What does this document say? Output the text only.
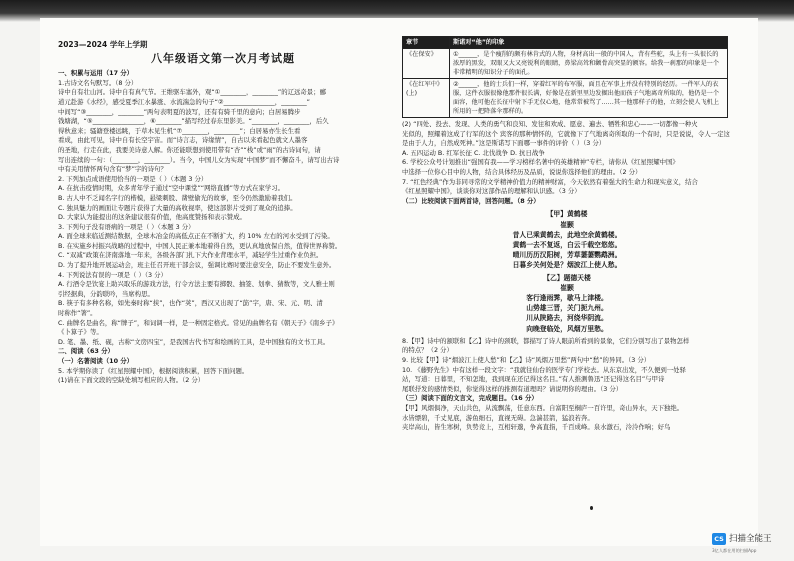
2023—2024 学年上学期
八年级语文第一次月考试题
一、积累与运用（17 分）
1.古诗文名句默写。（8 分）
诗中自有壮山河。诗中自有真气节。王维驱车塞外，观“①________，________”的辽远奇景；郦
道元赴游《水经》，感受夏季江水暴涨、水流湍急的句子“②________________，________”
中间写“③________，________”两句表明夏的波写，还有有骑千里的意向；白居易腾步
钱塘湖，“⑤________________，⑥________”描写经过春东里影美。“________，________，后久
得秋意来；骚籍登楼远眺，于草木见生机“⑦________，________”；白居易亦生长生看
看成，由此可见，诗中自有长空宇宙。而“诗言志，诗缘情”，自古以来看起色就文人墨客
的圣地，行走在此，我要美诗意人解。你还能联想到使用带有“杏”“栈”或“雨”的古诗词句，请
写出连续的一句：（________，________）。当今，中国儿女为实现“中国梦”而不懈奋斗，请写出古诗
中有关用情怀两句含有“梦”字的诗句？
2. 下列加点成语使用恰当的一项是（ ）（本题 3 分）
A. 在抗击疫情时期，众多青年学子通过“空中课堂”“网络直播”等方式在家学习。
B. 古人中不乏闻名字行的楷模，悬梁刺股、凿壁偷光的故事，至今仍然激励着我们。
C. 独具魅力的画面让专题片获得了大量的高收视率，使这部影片受到了观众的追捧。
D. 大家认为能提出的这条建议很有价值，他高度赞扬和表示赞成。
3. 下列句子没有语病的一项是（ ）（本题 3 分）
A. 面全球来临近测结数据，全球木冶金的高低点正在不断扩大，约 10% 左右的河水受到了污染。
B. 在实施乡村振兴战略的过程中，中国人民正兼本地着得自然，更认真地放保自然，值得世界称赞。
C. “双减”政策在济南落地一年来，各级各部门扎下大作业背理水平，减轻学生过重作业负担。
D. 为了提升地开展运动会，班主任召开班干部会议，强调比赛时要注意安全，防止不要发生意外。
4. 下列说法有误的一项是（ ）（3 分）
A. 行酒令是饮宴上助兴取乐的游戏方法，行令方法主要有掷骰、抽签、划拳、猜数等，文人雅士则
引经据典，分韵联吟，当席构思。
B. 筷子有多种名称，如先秦时称“挟”，也作“荚”，西汉又出现了“筯”字，唐、宋、元、明、清
时称作“箸”。
C. 曲牌名是曲名，称“牌子”，和词调一样，是一种固定格式。常见的曲牌名有《朝天子》《南乡子》
《卜算子》等。
D. 笔、墨、纸、砚，古称“文房四宝”，是我国古代书写和绘画的工具，是中国独有的文书工具。
二、阅读（63 分）
（一）名著阅读（10 分）
5. 本学期你读了《红星照耀中国》，根据阅读积累，回答下面问题。
(1)请在下面文段的空缺处填写相应的人物。（2 分）
章节	斯诺对“他”的印象
《在保安》	①______，是个瘦削的颇有林肯式的人物，身材高出一般的中国人，背有些驼，头上有一头很长的浓厚的黑发，双眼又大又亮锐利的眼睛，鼻梁高耸和颧骨高突显的额容。给我一刹那的印象是一个非常精明的知识分子的面孔。
《在红军中》(上)	②______，他的士兵们一样，穿着红军的布军服，面且在军事上并没有特别的经历。一件军人的衣服，这件衣服很像他那件很长满，好像是在新里里边发掘出他而孩子气地离奇所取的，他仍是一个面容，他可他在长征中射下手无仅心地，他常常被骂了……其一他那样子的他，立刻会使人飞机上所用的一把降落伞那样的。
(2) “四处、投去、发现、人类的勇气和良知、发往和欢成、愿意、遍去、牺牲和忠心——一切都像一种火
光似的，照耀着这成了行军的这个 宾客的那种情怀的，它就像下了气地离奇所取的一个有时，只是说说，令人一定这
是由于人力，自然成死神。”这是斯诺写下面哪一事件的评价（ ）（3 分）
A. 五四运动 B. 红军长征 C. 北伐战争 D. 抗日战争
6. 学校公众号计划推出“强国有我——学习榜样名著中的英雄精神”专栏，请你从《红星照耀中国》
中选择一位你心目中的人物，结合具体经历及品质，说说你选择他们的理由。（2 分）
7. “红色经典”作为非同寻常的文学精神价值力的精神财富，今天依然有着强大的生命力和现实意义，结合
《红星照耀中国》，谈谈你对这部作品的理解和认识感。（3 分）
（二）比较阅读下面两首诗，回答问题。（8 分）
【甲】黄鹤楼
崔颢
昔人已乘黄鹤去，此地空余黄鹤楼。
黄鹤一去不复返，白云千载空悠悠。
晴川历历汉阳树，芳草萋萋鹦鹉洲。
日暮乡关何处是？烟波江上使人愁。
【乙】题德天楼
崔颢
客行逢雨霁，歇马上津楼。
山势雄三晋，关门扼九州。
川从陕路去，河绕华阴流。
向晚登临处，风烟万里愁。
8.【甲】诗中的颔联和【乙】诗中的颈联，都描写了诗人眼前所看到的景象，它们分别写出了景物怎样
的特点？（2 分）
9. 比较【甲】诗“烟波江上使人愁”和【乙】诗“风烟万里愁”两句中“愁”的异同。（3 分）
10. 《藤野先生》中有这样一段文字：“我就往仙台的医学专门学校去。从东京出发，不久便到一处驿
站，写道：日暮里，不知怎地，我到现在还记得这名目。”有人推测鲁迅“还记得这名目”与甲诗
尾联抒发的感情类似，你觉得这样的推测有道理吗？请说明你的理由。（3 分）
（三）阅读下面的文言文，完成题目。（16 分）
【甲】风烟俱净，天山共色，从流飘荡，任意东西。自富阳至桐庐一百许里，奇山异水，天下独绝。
水皆缥碧，千丈见底，游鱼细石，直视无碍。急湍甚箭，猛浪若奔。
夹岸高山，皆生寒树，负势竞上，互相轩邈，争高直指，千百成峰。泉水激石，泠泠作响；好鸟
CS 扫描全能王
3亿人都在用的扫描App
